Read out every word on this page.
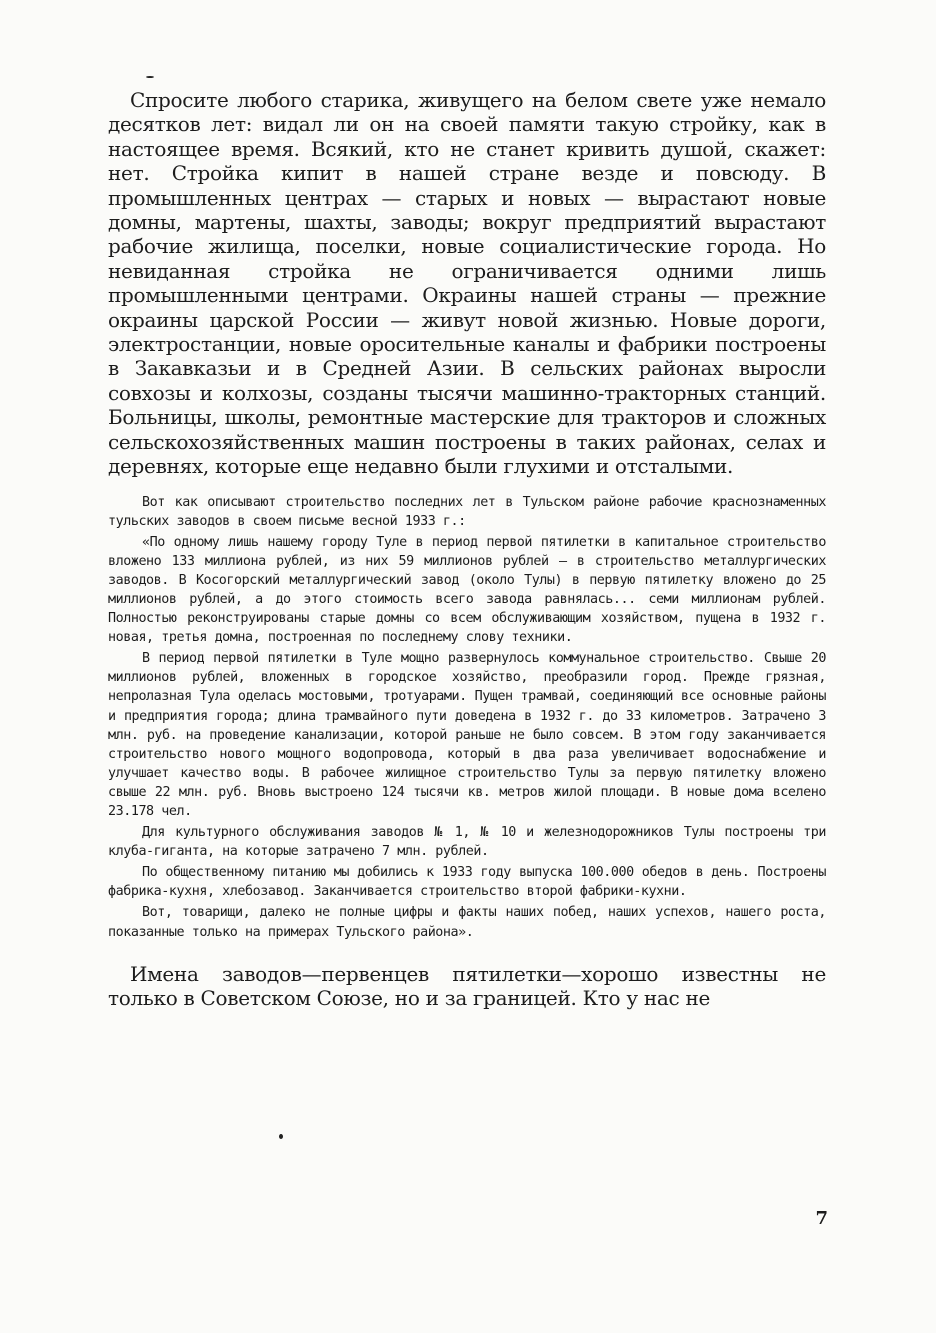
Спросите любого старика, живущего на белом свете уже немало десятков лет: видал ли он на своей памяти такую стройку, как в настоящее время. Всякий, кто не станет кривить душой, скажет: нет. Стройка кипит в нашей стране везде и повсюду. В промышленных центрах — старых и новых — вырастают новые домны, мартены, шахты, заводы; вокруг предприятий вырастают рабочие жилища, поселки, новые социалистические города. Но невиданная стройка не ограничивается одними лишь промышленными центрами. Окраины нашей страны — прежние окраины царской России — живут новой жизнью. Новые дороги, электростанции, новые оросительные каналы и фабрики построены в Закавказьи и в Средней Азии. В сельских районах выросли совхозы и колхозы, созданы тысячи машинно-тракторных станций. Больницы, школы, ремонтные мастерские для тракторов и сложных сельскохозяйственных машин построены в таких районах, селах и деревнях, которые еще недавно были глухими и отсталыми.

Вот как описывают строительство последних лет в Тульском районе рабочие краснознаменных тульских заводов в своем письме весной 1933 г.:

«По одному лишь нашему городу Туле в период первой пятилетки в капитальное строительство вложено 133 миллиона рублей, из них 59 миллионов рублей — в строительство металлургических заводов. В Косогорский металлургический завод (около Тулы) в первую пятилетку вложено до 25 миллионов рублей, а до этого стоимость всего завода равнялась... семи миллионам рублей. Полностью реконструированы старые домны со всем обслуживающим хозяйством, пущена в 1932 г. новая, третья домна, построенная по последнему слову техники.

В период первой пятилетки в Туле мощно развернулось коммунальное строительство. Свыше 20 миллионов рублей, вложенных в городское хозяйство, преобразили город. Прежде грязная, непролазная Тула оделась мостовыми, тротуарами. Пущен трамвай, соединяющий все основные районы и предприятия города; длина трамвайного пути доведена в 1932 г. до 33 километров. Затрачено 3 млн. руб. на проведение канализации, которой раньше не было совсем. В этом году заканчивается строительство нового мощного водопровода, который в два раза увеличивает водоснабжение и улучшает качество воды. В рабочее жилищное строительство Тулы за первую пятилетку вложено свыше 22 млн. руб. Вновь выстроено 124 тысячи кв. метров жилой площади. В новые дома вселено 23.178 чел.

Для культурного обслуживания заводов № 1, № 10 и железнодорожников Тулы построены три клуба-гиганта, на которые затрачено 7 млн. рублей.

По общественному питанию мы добились к 1933 году выпуска 100.000 обедов в день. Построены фабрика-кухня, хлебозавод. Заканчивается строительство второй фабрики-кухни.

Вот, товарищи, далеко не полные цифры и факты наших побед, наших успехов, нашего роста, показанные только на примерах Тульского района».

Имена заводов—первенцев пятилетки—хорошо известны не только в Советском Союзе, но и за границей. Кто у нас не

7
